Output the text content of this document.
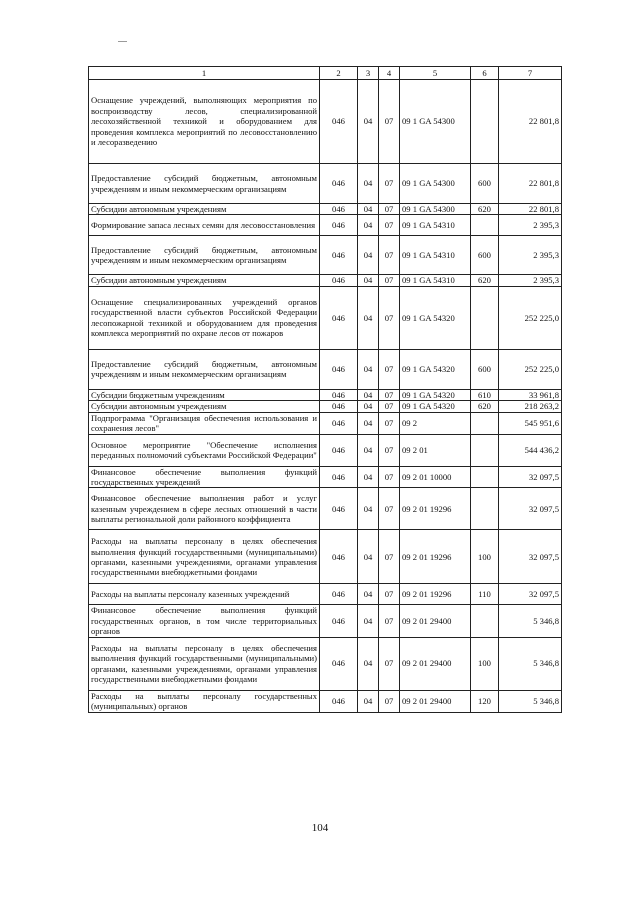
1	2	3	4	5	6	7
Оснащение учреждений, выполняющих мероприятия по воспроизводству лесов, специализированной лесохозяйственной техникой и оборудованием для проведения комплекса мероприятий по лесовосстановлению и лесоразведению	046	04	07	09 1 GA 54300		22 801,8
Предоставление субсидий бюджетным, автономным учреждениям и иным некоммерческим организациям	046	04	07	09 1 GA 54300	600	22 801,8
Субсидии автономным учреждениям	046	04	07	09 1 GA 54300	620	22 801,8
Формирование запаса лесных семян для лесовосстановления	046	04	07	09 1 GA 54310		2 395,3
Предоставление субсидий бюджетным, автономным учреждениям и иным некоммерческим организациям	046	04	07	09 1 GA 54310	600	2 395,3
Субсидии автономным учреждениям	046	04	07	09 1 GA 54310	620	2 395,3
Оснащение специализированных учреждений органов государственной власти субъектов Российской Федерации лесопожарной техникой и оборудованием для проведения комплекса мероприятий по охране лесов от пожаров	046	04	07	09 1 GA 54320		252 225,0
Предоставление субсидий бюджетным, автономным учреждениям и иным некоммерческим организациям	046	04	07	09 1 GA 54320	600	252 225,0
Субсидии бюджетным учреждениям	046	04	07	09 1 GA 54320	610	33 961,8
Субсидии автономным учреждениям	046	04	07	09 1 GA 54320	620	218 263,2
Подпрограмма "Организация обеспечения использования и сохранения лесов"	046	04	07	09 2		545 951,6
Основное мероприятие "Обеспечение исполнения переданных полномочий субъектами Российской Федерации"	046	04	07	09 2 01		544 436,2
Финансовое обеспечение выполнения функций государственных учреждений	046	04	07	09 2 01 10000		32 097,5
Финансовое обеспечение выполнения работ и услуг казенным учреждением в сфере лесных отношений в части выплаты региональной доли районного коэффициента	046	04	07	09 2 01 19296		32 097,5
Расходы на выплаты персоналу в целях обеспечения выполнения функций государственными (муниципальными) органами, казенными учреждениями, органами управления государственными внебюджетными фондами	046	04	07	09 2 01 19296	100	32 097,5
Расходы на выплаты персоналу казенных учреждений	046	04	07	09 2 01 19296	110	32 097,5
Финансовое обеспечение выполнения функций государственных органов, в том числе территориальных органов	046	04	07	09 2 01 29400		5 346,8
Расходы на выплаты персоналу в целях обеспечения выполнения функций государственными (муниципальными) органами, казенными учреждениями, органами управления государственными внебюджетными фондами	046	04	07	09 2 01 29400	100	5 346,8
Расходы на выплаты персоналу государственных (муниципальных) органов	046	04	07	09 2 01 29400	120	5 346,8
104
